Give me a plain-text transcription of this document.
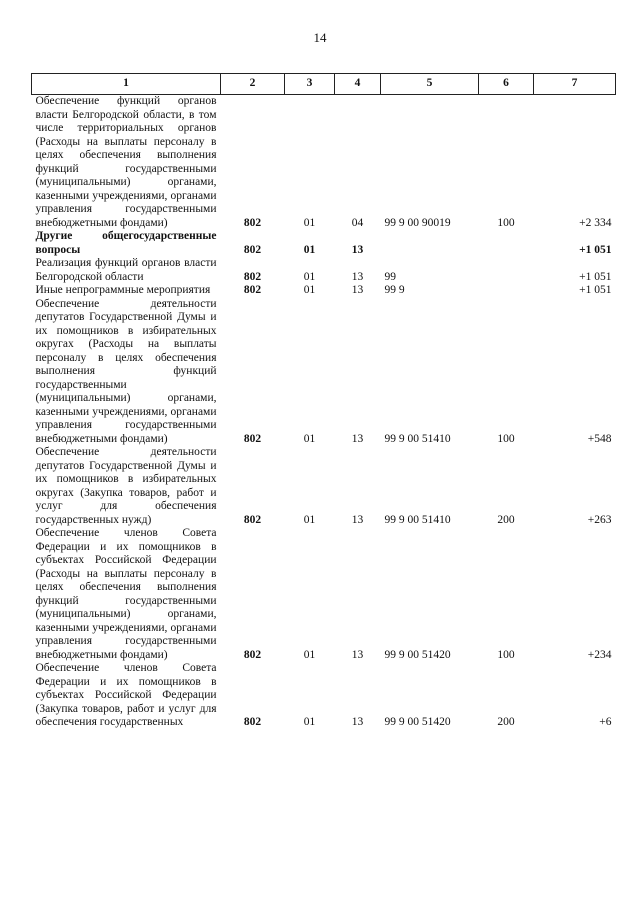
14
1	2	3	4	5	6	7
Обеспечение функций органов власти Белгородской области, в том числе территориальных органов (Расходы на выплаты персоналу в целях обеспечения выполнения функций государственными (муниципальными) органами, казенными учреждениями, органами управления государственными внебюджетными фондами)	802	01	04	99 9 00 90019	100	+2 334
Другие общегосударственные вопросы	802	01	13			+1 051
Реализация функций органов власти Белгородской области	802	01	13	99		+1 051
Иные непрограммные мероприятия	802	01	13	99 9		+1 051
Обеспечение деятельности депутатов Государственной Думы и их помощников в избирательных округах (Расходы на выплаты персоналу в целях обеспечения выполнения функций государственными (муниципальными) органами, казенными учреждениями, органами управления государственными внебюджетными фондами)	802	01	13	99 9 00 51410	100	+548
Обеспечение деятельности депутатов Государственной Думы и их помощников в избирательных округах (Закупка товаров, работ и услуг для обеспечения государственных нужд)	802	01	13	99 9 00 51410	200	+263
Обеспечение членов Совета Федерации и их помощников в субъектах Российской Федерации (Расходы на выплаты персоналу в целях обеспечения выполнения функций государственными (муниципальными) органами, казенными учреждениями, органами управления государственными внебюджетными фондами)	802	01	13	99 9 00 51420	100	+234
Обеспечение членов Совета Федерации и их помощников в субъектах Российской Федерации (Закупка товаров, работ и услуг для обеспечения государственных	802	01	13	99 9 00 51420	200	+6
